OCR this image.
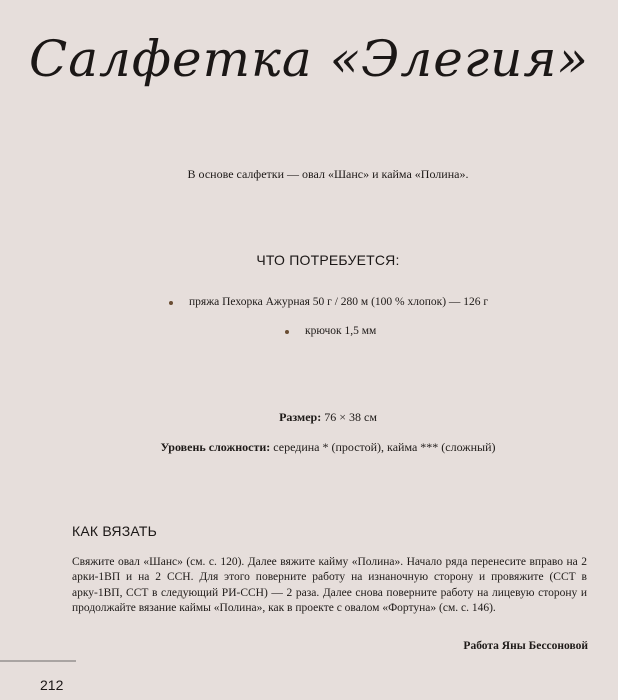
Салфетка «Элегия»
В основе салфетки — овал «Шанс» и кайма «Полина».
ЧТО ПОТРЕБУЕТСЯ:
пряжа Пехорка Ажурная 50 г / 280 м (100 % хлопок) — 126 г
крючок 1,5 мм
Размер: 76 × 38 см
Уровень сложности: серединa * (простой), кайма *** (сложный)
КАК ВЯЗАТЬ
Свяжите овал «Шанс» (см. с. 120). Далее вяжите кайму «Полина». Начало ряда перенесите вправо на 2 арки-1ВП и на 2 ССН. Для этого поверните работу на изнаночную сторону и провяжите (ССТ в арку-1ВП, ССТ в следующий РИ-ССН) — 2 раза. Далее снова поверните работу на лицевую сторону и продолжайте вязание каймы «Полина», как в проекте с овалом «Фортуна» (см. с. 146).
Работа Яны Бессоновой
212
